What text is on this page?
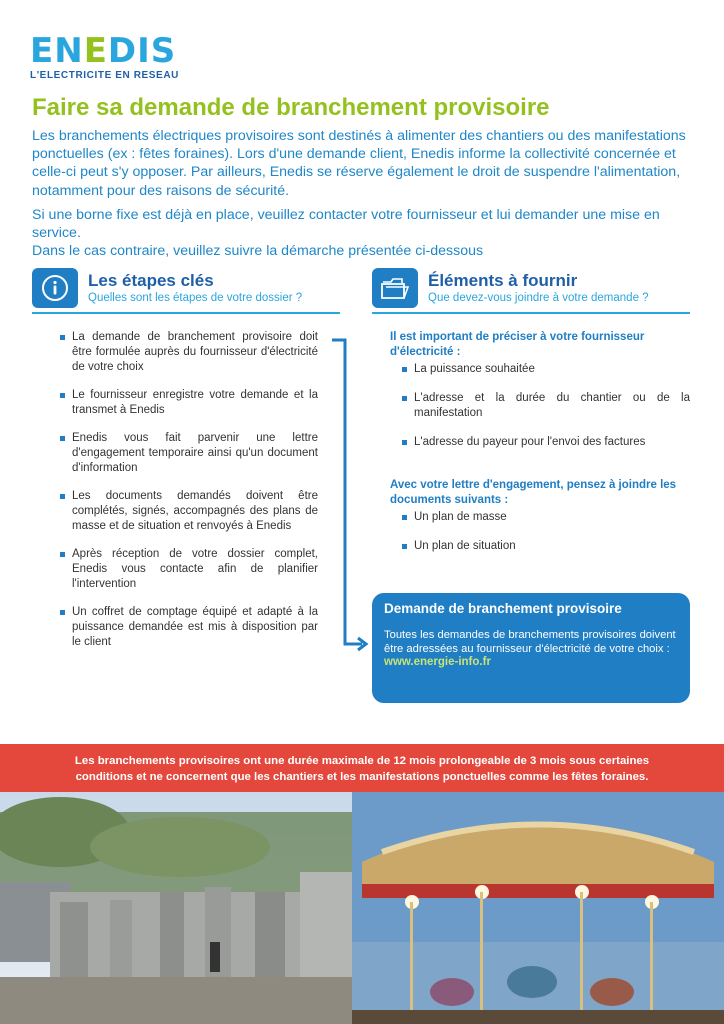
ENEDIS
L'ELECTRICITE EN RESEAU
Faire sa demande de branchement provisoire

Les branchements électriques provisoires sont destinés à alimenter des chantiers ou des manifestations ponctuelles (ex : fêtes foraines). Lors d'une demande client, Enedis informe la collectivité concernée et celle-ci peut s'y opposer. Par ailleurs, Enedis se réserve également le droit de suspendre l'alimentation, notamment pour des raisons de sécurité.

Si une borne fixe est déjà en place, veuillez contacter votre fournisseur et lui demander une mise en service.

Dans le cas contraire, veuillez suivre la démarche présentée ci-dessous

Les étapes clés
Quelles sont les étapes de votre dossier ?
Éléments à fournir
Que devez-vous joindre à votre demande ?
La demande de branchement provisoire doit être formulée auprès du fournisseur d'électricité de votre choix
Le fournisseur enregistre votre demande et la transmet à Enedis
Enedis vous fait parvenir une lettre d'engagement temporaire ainsi qu'un document d'information
Les documents demandés doivent être complétés, signés, accompagnés des plans de masse et de situation et renvoyés à Enedis
Après réception de votre dossier complet, Enedis vous contacte afin de planifier l'intervention
Un coffret de comptage équipé et adapté à la puissance demandée est mis à disposition par le client
Il est important de préciser à votre fournisseur d'électricité :
La puissance souhaitée
L'adresse et la durée du chantier ou de la manifestation
L'adresse du payeur pour l'envoi des factures
Avec votre lettre d'engagement, pensez à joindre les documents suivants :
Un plan de masse
Un plan de situation
Demande de branchement provisoire
Toutes les demandes de branchements provisoires doivent être adressées au fournisseur d'électricité de votre choix :
www.energie-info.fr
Les branchements provisoires ont une durée maximale de 12 mois prolongeable de 3 mois sous certaines
conditions et ne concernent que les chantiers et les manifestations ponctuelles comme les fêtes foraines.
